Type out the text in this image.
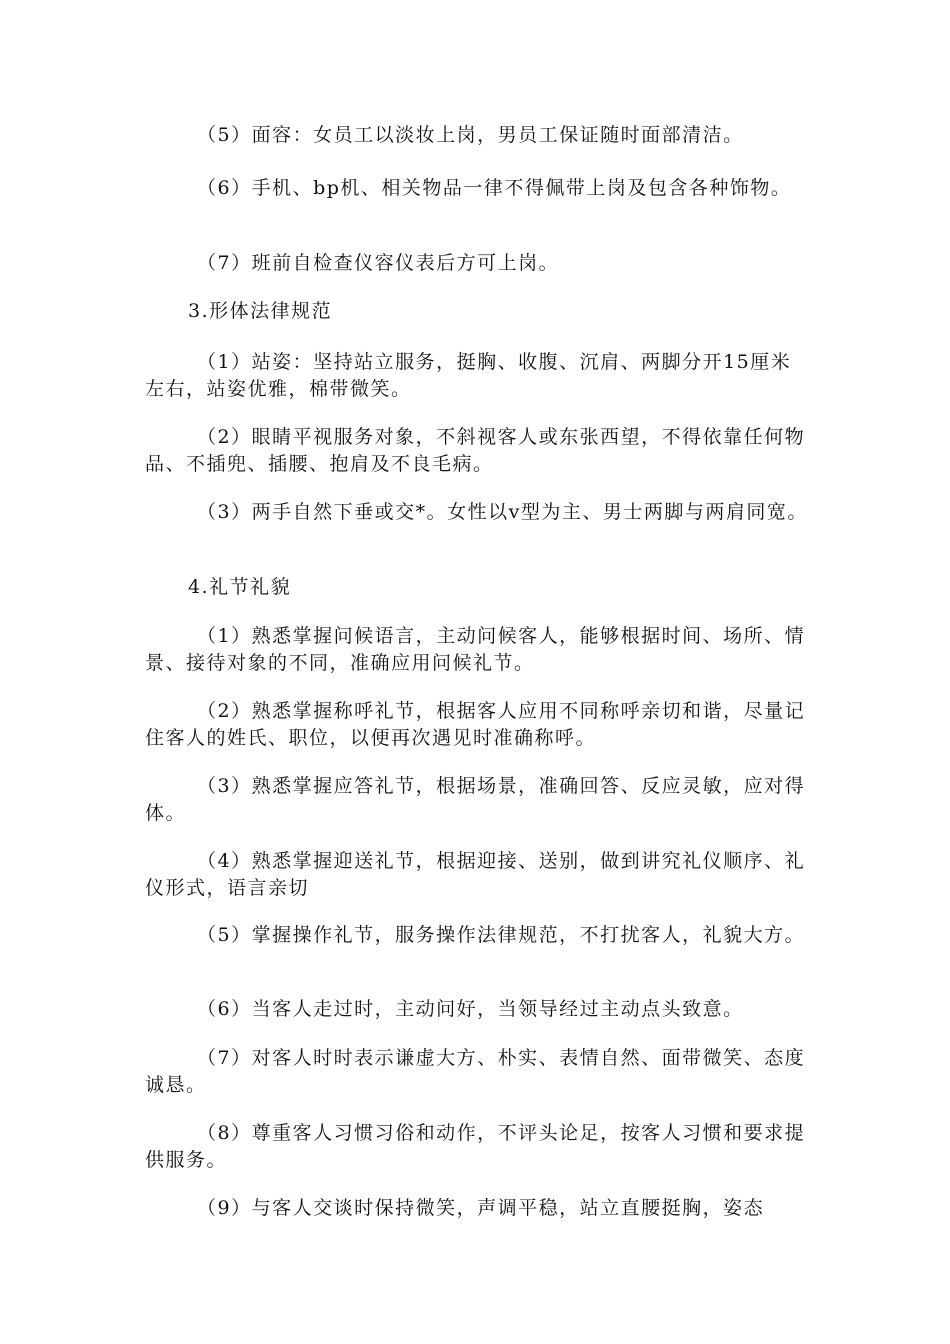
（5）面容：女员工以淡妆上岗，男员工保证随时面部清洁。

（6）手机、bp机、相关物品一律不得佩带上岗及包含各种饰物。

（7）班前自检查仪容仪表后方可上岗。

3.形体法律规范

（1）站姿：坚持站立服务，挺胸、收腹、沉肩、两脚分开15厘米左右，站姿优雅，棉带微笑。

（2）眼睛平视服务对象，不斜视客人或东张西望，不得依靠任何物品、不插兜、插腰、抱肩及不良毛病。

（3）两手自然下垂或交*。女性以v型为主、男士两脚与两肩同宽。

4.礼节礼貌

（1）熟悉掌握问候语言，主动问候客人，能够根据时间、场所、情景、接待对象的不同，准确应用问候礼节。

（2）熟悉掌握称呼礼节，根据客人应用不同称呼亲切和谐，尽量记住客人的姓氏、职位，以便再次遇见时准确称呼。

（3）熟悉掌握应答礼节，根据场景，准确回答、反应灵敏，应对得体。

（4）熟悉掌握迎送礼节，根据迎接、送别，做到讲究礼仪顺序、礼仪形式，语言亲切

（5）掌握操作礼节，服务操作法律规范，不打扰客人，礼貌大方。

（6）当客人走过时，主动问好，当领导经过主动点头致意。

（7）对客人时时表示谦虚大方、朴实、表情自然、面带微笑、态度诚恳。

（8）尊重客人习惯习俗和动作，不评头论足，按客人习惯和要求提供服务。

（9）与客人交谈时保持微笑，声调平稳，站立直腰挺胸，姿态
